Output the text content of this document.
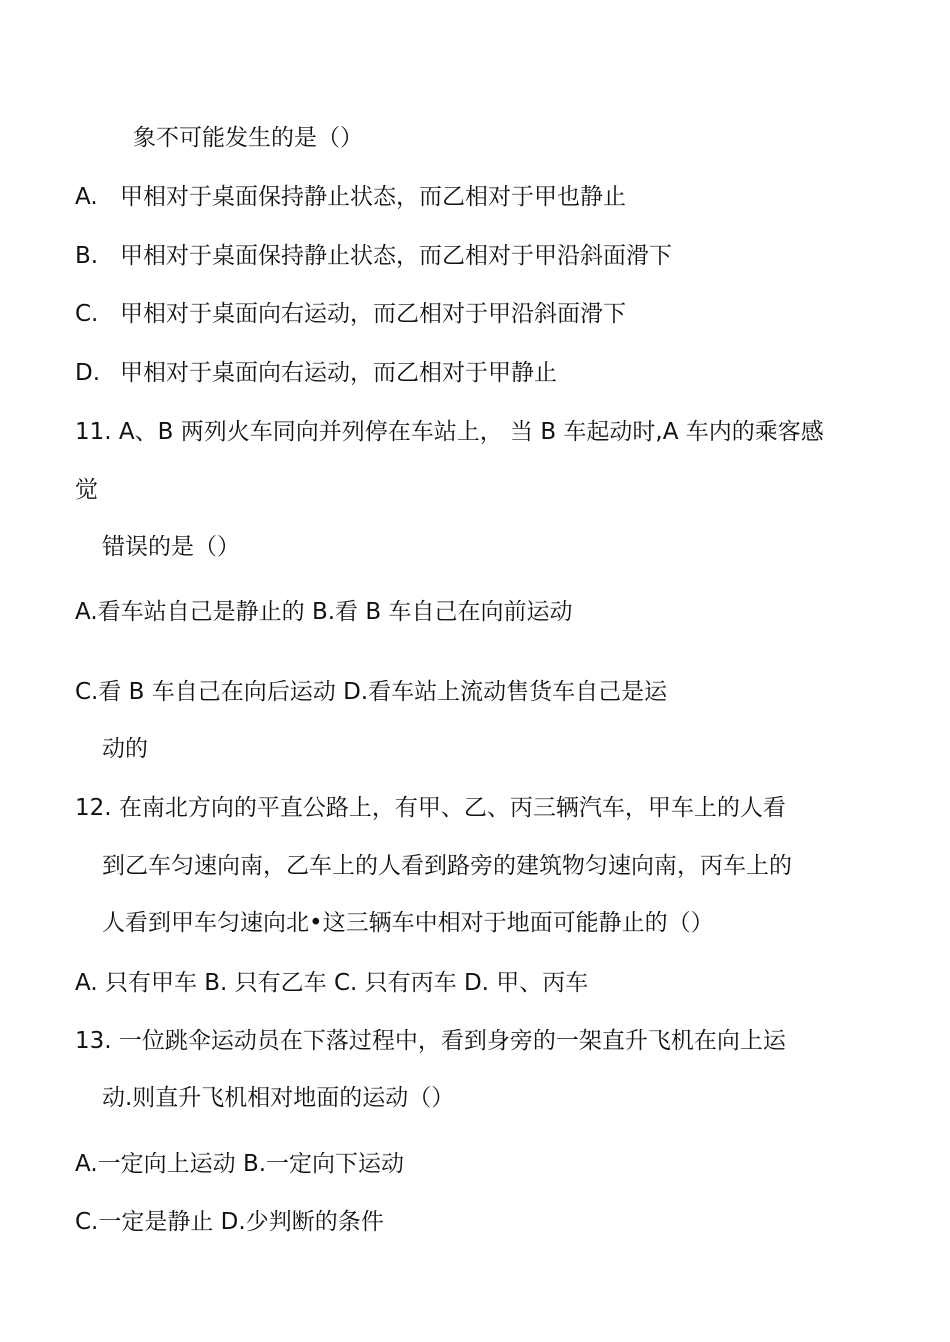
象不可能发生的是（）

A. 甲相对于桌面保持静止状态，而乙相对于甲也静止
B. 甲相对于桌面保持静止状态，而乙相对于甲沿斜面滑下
C. 甲相对于桌面向右运动，而乙相对于甲沿斜面滑下
D. 甲相对于桌面向右运动，而乙相对于甲静止

11. A、B 两列火车同向并列停在车站上， 当 B 车起动时,A 车内的乘客感

觉

错误的是（）

A.看车站自己是静止的 B.看 B 车自己在向前运动

C.看 B 车自己在向后运动 D.看车站上流动售货车自己是运

动的

12. 在南北方向的平直公路上，有甲、乙、丙三辆汽车，甲车上的人看

到乙车匀速向南，乙车上的人看到路旁的建筑物匀速向南，丙车上的

人看到甲车匀速向北•这三辆车中相对于地面可能静止的（）

A. 只有甲车 B. 只有乙车 C. 只有丙车 D. 甲、丙车

13. 一位跳伞运动员在下落过程中，看到身旁的一架直升飞机在向上运

动.则直升飞机相对地面的运动（）

A.一定向上运动 B.一定向下运动

C.一定是静止 D.少判断的条件
